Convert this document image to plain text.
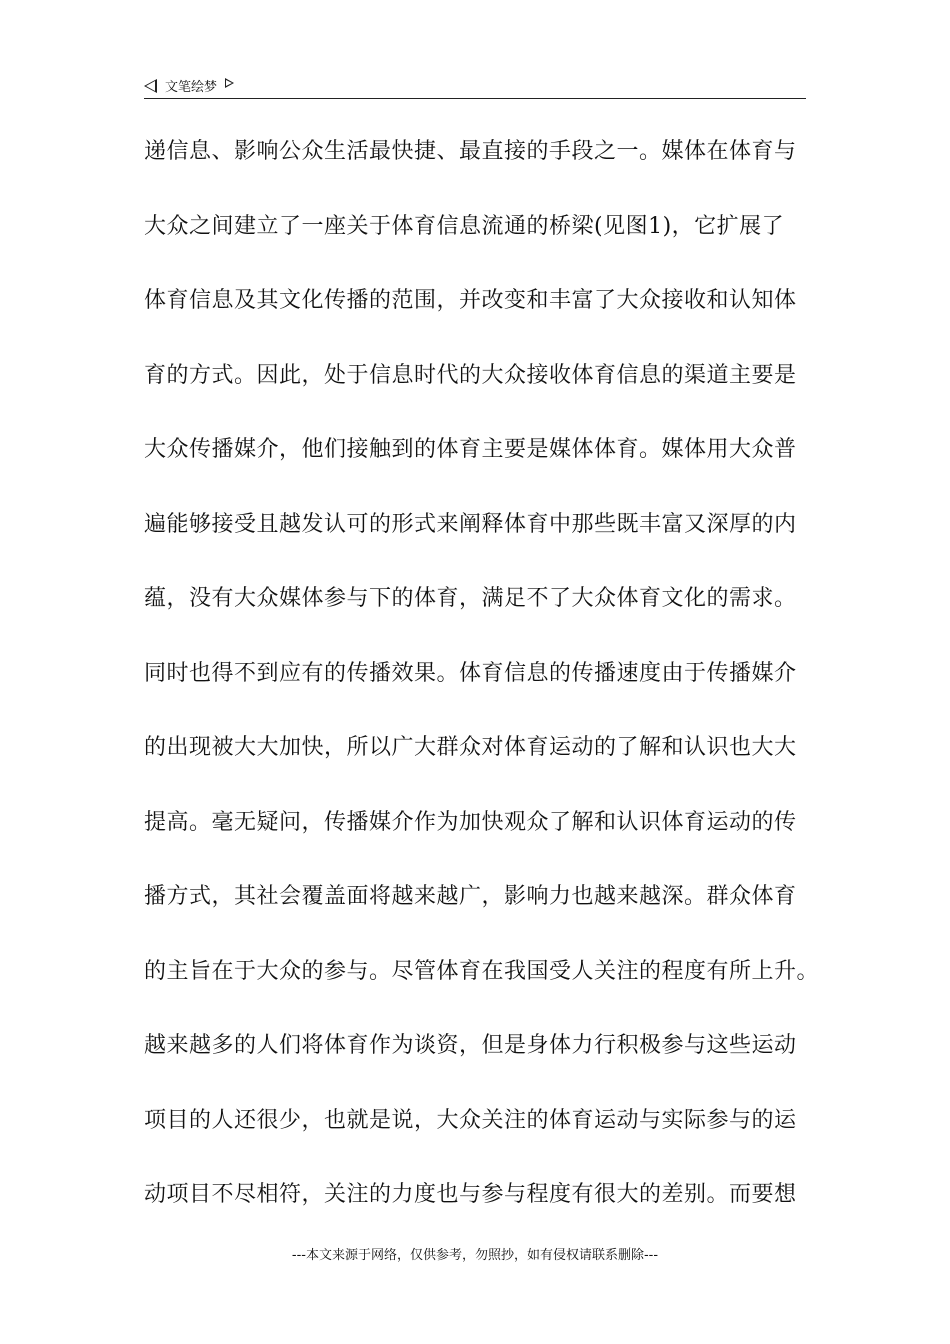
文笔绘梦
递信息、影响公众生活最快捷、最直接的手段之一。媒体在体育与
大众之间建立了一座关于体育信息流通的桥梁(见图1)，它扩展了
体育信息及其文化传播的范围，并改变和丰富了大众接收和认知体
育的方式。因此，处于信息时代的大众接收体育信息的渠道主要是
大众传播媒介，他们接触到的体育主要是媒体体育。媒体用大众普
遍能够接受且越发认可的形式来阐释体育中那些既丰富又深厚的内
蕴，没有大众媒体参与下的体育，满足不了大众体育文化的需求。
同时也得不到应有的传播效果。体育信息的传播速度由于传播媒介
的出现被大大加快，所以广大群众对体育运动的了解和认识也大大
提高。毫无疑问，传播媒介作为加快观众了解和认识体育运动的传
播方式，其社会覆盖面将越来越广，影响力也越来越深。群众体育
的主旨在于大众的参与。尽管体育在我国受人关注的程度有所上升。
越来越多的人们将体育作为谈资，但是身体力行积极参与这些运动
项目的人还很少，也就是说，大众关注的体育运动与实际参与的运
动项目不尽相符，关注的力度也与参与程度有很大的差别。而要想
---本文来源于网络，仅供参考，勿照抄，如有侵权请联系删除---
